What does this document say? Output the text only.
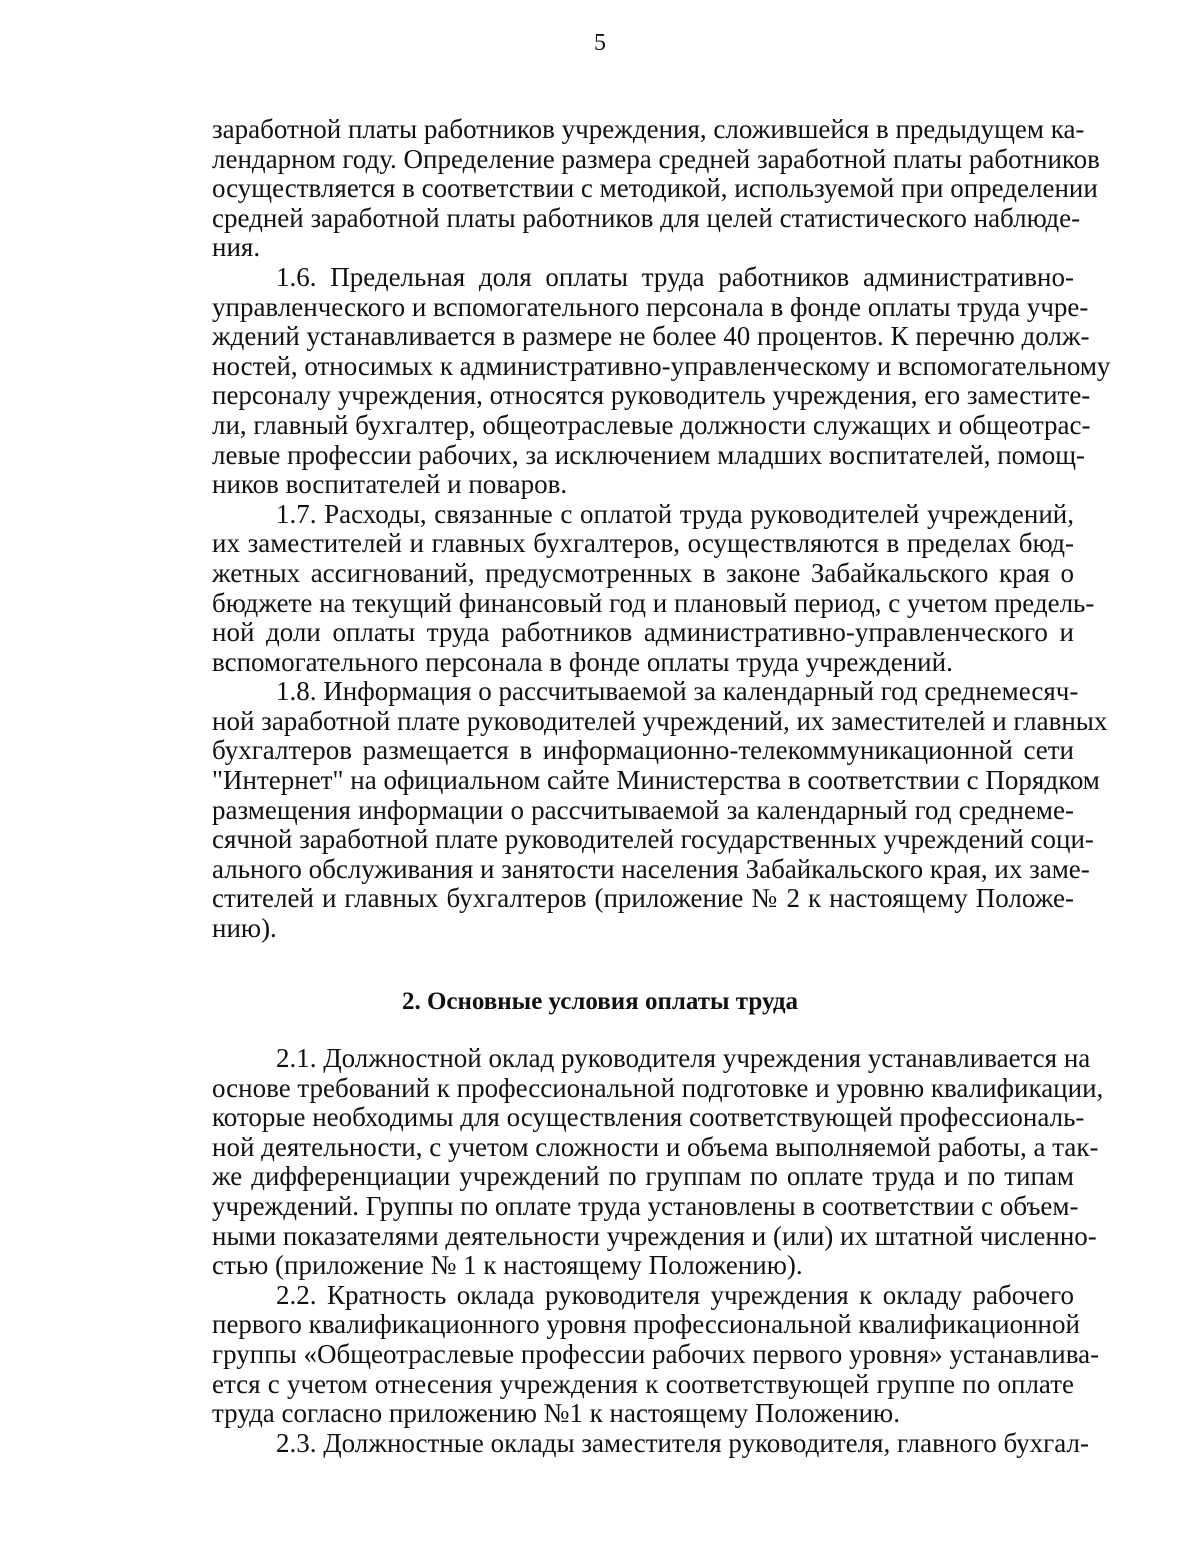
5
заработной платы работников учреждения, сложившейся в предыдущем ка-
лендарном году. Определение размера средней заработной платы работников
осуществляется в соответствии с методикой, используемой при определении
средней заработной платы работников для целей статистического наблюде-
ния.
1.6. Предельная доля оплаты труда работников административно-
управленческого и вспомогательного персонала в фонде оплаты труда учре-
ждений устанавливается в размере не более 40 процентов. К перечню долж-
ностей, относимых к административно-управленческому и вспомогательному
персоналу учреждения, относятся руководитель учреждения, его заместите-
ли, главный бухгалтер, общеотраслевые должности служащих и общеотрас-
левые профессии рабочих, за исключением младших воспитателей, помощ-
ников воспитателей и поваров.
1.7. Расходы, связанные с оплатой труда руководителей учреждений,
их заместителей и главных бухгалтеров, осуществляются в пределах бюд-
жетных ассигнований, предусмотренных в законе Забайкальского края о
бюджете на текущий финансовый год и плановый период, с учетом предель-
ной доли оплаты труда работников административно-управленческого и
вспомогательного персонала в фонде оплаты труда учреждений.
1.8. Информация о рассчитываемой за календарный год среднемесяч-
ной заработной плате руководителей учреждений, их заместителей и главных
бухгалтеров размещается в информационно-телекоммуникационной сети
"Интернет" на официальном сайте Министерства в соответствии с Порядком
размещения информации о рассчитываемой за календарный год среднеме-
сячной заработной плате руководителей государственных учреждений соци-
ального обслуживания и занятости населения Забайкальского края, их заме-
стителей и главных бухгалтеров (приложение № 2 к настоящему Положе-
нию).
2. Основные условия оплаты труда
2.1. Должностной оклад руководителя учреждения устанавливается на
основе требований к профессиональной подготовке и уровню квалификации,
которые необходимы для осуществления соответствующей профессиональ-
ной деятельности, с учетом сложности и объема выполняемой работы, а так-
же дифференциации учреждений по группам по оплате труда и по типам
учреждений. Группы по оплате труда установлены в соответствии с объем-
ными показателями деятельности учреждения и (или) их штатной численно-
стью (приложение № 1 к настоящему Положению).
2.2. Кратность оклада руководителя учреждения к окладу рабочего
первого квалификационного уровня профессиональной квалификационной
группы «Общеотраслевые професcии рабочих первого уровня» устанавлива-
ется с учетом отнесения учреждения к соответствующей группе по оплате
труда согласно приложению №1 к настоящему Положению.
2.3. Должностные оклады заместителя руководителя, главного бухгал-
